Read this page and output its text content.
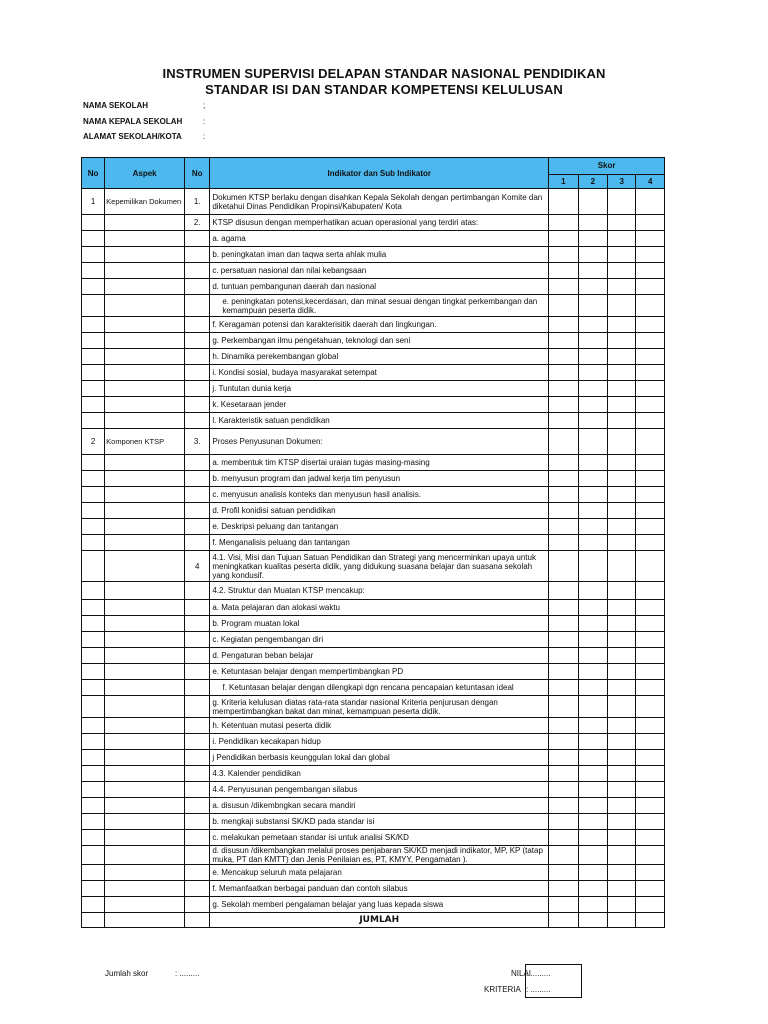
INSTRUMEN SUPERVISI DELAPAN STANDAR NASIONAL PENDIDIKAN
STANDAR ISI DAN STANDAR KOMPETENSI KELULUSAN
NAMA SEKOLAH	;
NAMA KEPALA SEKOLAH	:
ALAMAT SEKOLAH/KOTA	:
No	Aspek	No	Indikator dan Sub Indikator	Skor			
				1	2	3	4
1	Kepemilikan Dokumen	1.	Dokumen KTSP berlaku dengan disahkan Kepala Sekolah dengan pertimbangan Komite dan diketahui Dinas Pendidikan Propinsi/Kabupaten/ Kota				
		2.	KTSP disusun dengan memperhatikan acuan operasional yang terdiri atas:				
			a. agama				
			b. peningkatan iman dan taqwa serta ahlak mulia				
			c. persatuan nasional dan nilai kebangsaan				
			d. tuntuan pembangunan daerah dan nasional				
			e. peningkatan potensi,kecerdasan, dan minat sesuai dengan tingkat perkembangan dan kemampuan peserta didik.				
			f. Keragaman potensi dan karakterisitik daerah dan lingkungan.				
			g. Perkembangan ilmu pengetahuan, teknologi dan seni				
			h. Dinamika perekembangan global				
			i. Kondisi sosial, budaya masyarakat setempat				
			j. Tuntutan dunia kerja				
			k. Kesetaraan jender				
			l. Karakteristik satuan pendidikan				
2	Komponen KTSP	3.	Proses Penyusunan Dokumen:				
			a. membentuk tim KTSP disertai uraian tugas masing-masing				
			b. menyusun program dan jadwal kerja tim penyusun				
			c. menyusun analisis konteks dan menyusun hasil analisis.				
			d. Profil konidisi satuan pendidikan				
			e. Deskripsi peluang dan tantangan				
			f. Menganalisis peluang dan tantangan				
		4	4.1. Visi, Misi dan Tujuan Satuan Pendidikan dan Strategi yang mencerminkan upaya untuk meningkatkan kualitas peserta didik, yang didukung suasana belajar dan suasana sekolah yang kondusif.				
			4.2. Struktur dan Muatan KTSP mencakup:				
			a. Mata pelajaran dan alokasi waktu				
			b. Program muatan lokal				
			c. Kegiatan pengembangan diri				
			d. Pengaturan beban belajar				
			e. Ketuntasan belajar dengan mempertimbangkan PD				
			f. Ketuntasan belajar dengan dilengkapi dgn rencana pencapaian ketuntasan ideal				
			g. Kriteria kelulusan diatas rata-rata standar nasional Kriteria penjurusan dengan mempertimbangkan bakat dan minat, kemampuan peserta didik.				
			h. Ketentuan mutasi peserta didik				
			i. Pendidikan kecakapan hidup				
			j Pendidikan berbasis keunggulan lokal dan global				
			4.3. Kalender pendidikan				
			4.4. Penyusunan pengembangan silabus				
			a. disusun /dikembngkan secara mandiri				
			b. mengkaji substansi SK/KD pada standar isi				
			c. melakukan pemetaan standar isi untuk analisi SK/KD				
			d. disusun /dikembangkan melalui proses penjabaran SK/KD menjadi indikator, MP, KP (tatap muka, PT dan KMTT) dan Jenis Penilaian es, PT, KMYY, Pengamatan ).				
			e. Mencakup seluruh mata pelajaran				
			f. Memanfaatkan berbagai panduan dan contoh silabus				
			g. Sekolah memberi pengalaman belajar yang luas kepada siswa				
			JUMLAH				
Jumlah skor	: .........	NILAI
: .........
KRITERIA : .........
